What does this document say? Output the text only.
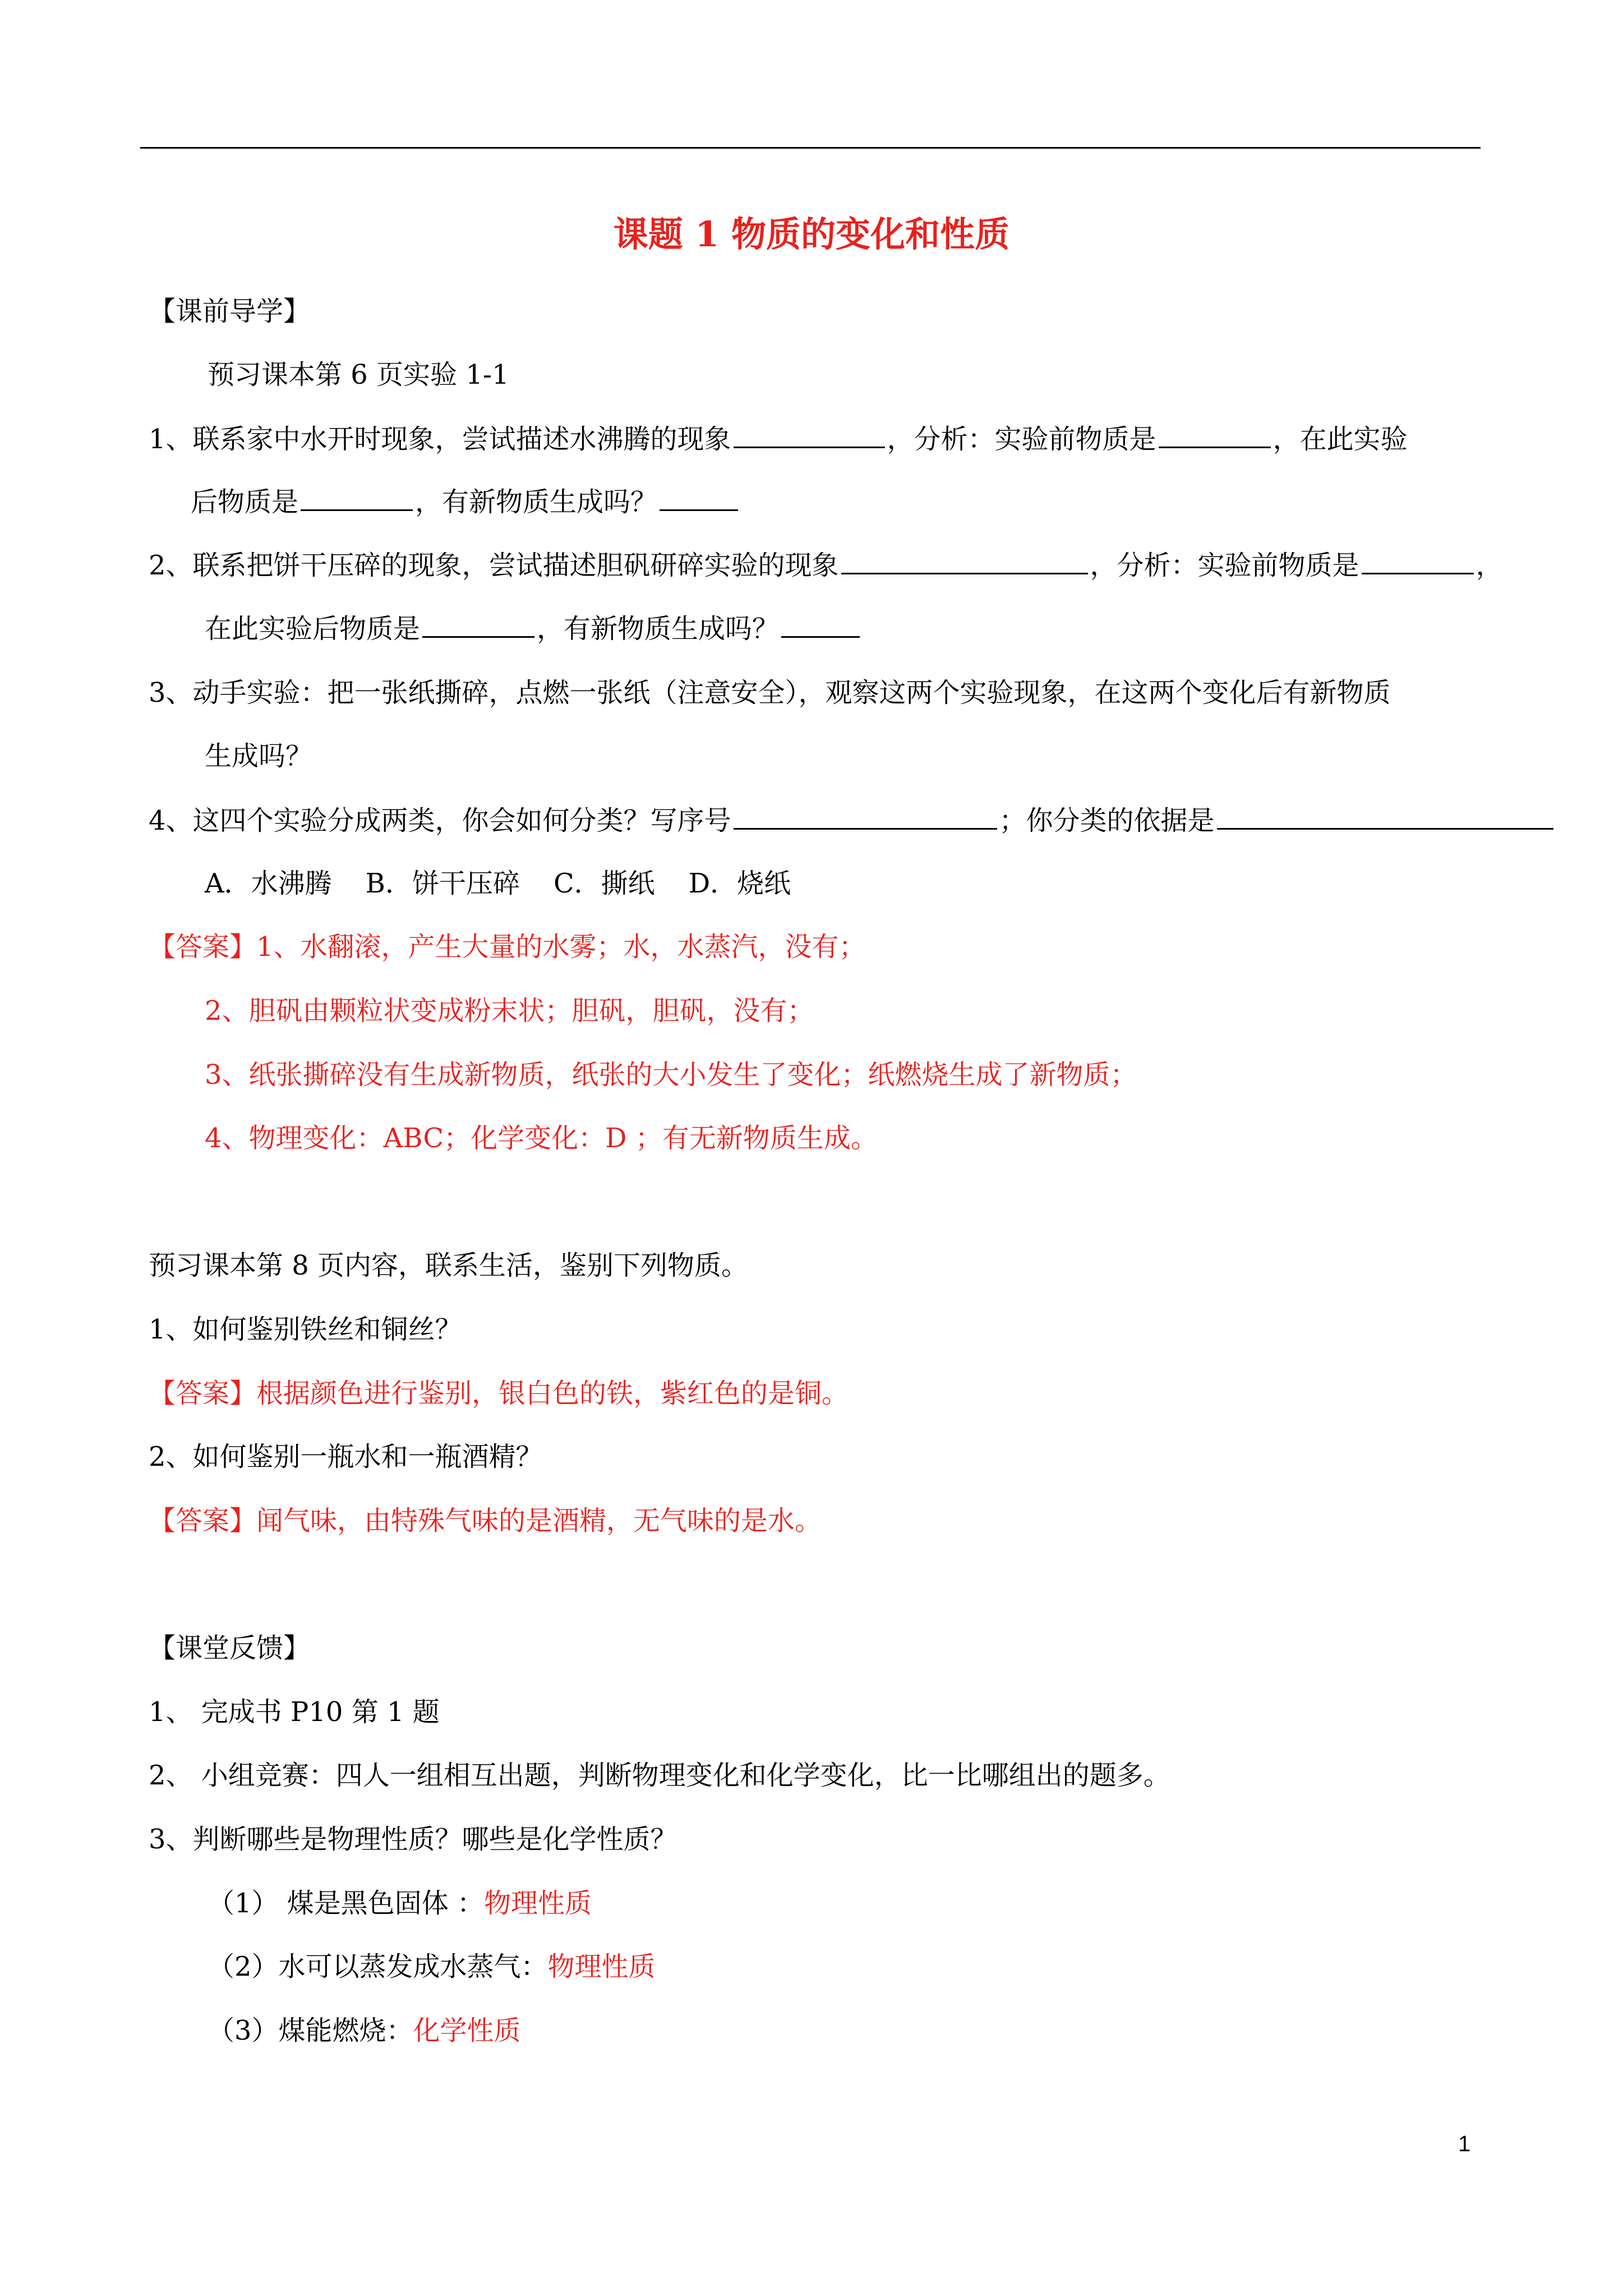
课题 1 物质的变化和性质
【课前导学】
预习课本第 6 页实验 1-1
1、联系家中水开时现象，尝试描述水沸腾的现象	，分析：实验前物质是	，在此实验
后物质是	，有新物质生成吗？
2、联系把饼干压碎的现象，尝试描述胆矾研碎实验的现象	，分析：实验前物质是	，
在此实验后物质是	，有新物质生成吗？
3、动手实验：把一张纸撕碎，点燃一张纸（注意安全），观察这两个实验现象，在这两个变化后有新物质
生成吗？
4、这四个实验分成两类，你会如何分类？写序号	；你分类的依据是
A．水沸腾 B．饼干压碎 C．撕纸 D．烧纸
【答案】1、水翻滚，产生大量的水雾；水，水蒸汽，没有；
2、胆矾由颗粒状变成粉末状；胆矾，胆矾，没有；
3、纸张撕碎没有生成新物质，纸张的大小发生了变化；纸燃烧生成了新物质；
4、物理变化：ABC；化学变化：D ；有无新物质生成。
预习课本第 8 页内容，联系生活，鉴别下列物质。
1、如何鉴别铁丝和铜丝？
【答案】根据颜色进行鉴别，银白色的铁，紫红色的是铜。
2、如何鉴别一瓶水和一瓶酒精？
【答案】闻气味，由特殊气味的是酒精，无气味的是水。
【课堂反馈】
1、 完成书 P10 第 1 题
2、 小组竞赛：四人一组相互出题，判断物理变化和化学变化，比一比哪组出的题多。
3、判断哪些是物理性质？哪些是化学性质？
（1） 煤是黑色固体 ：物理性质
（2）水可以蒸发成水蒸气：物理性质
（3）煤能燃烧：化学性质
1
